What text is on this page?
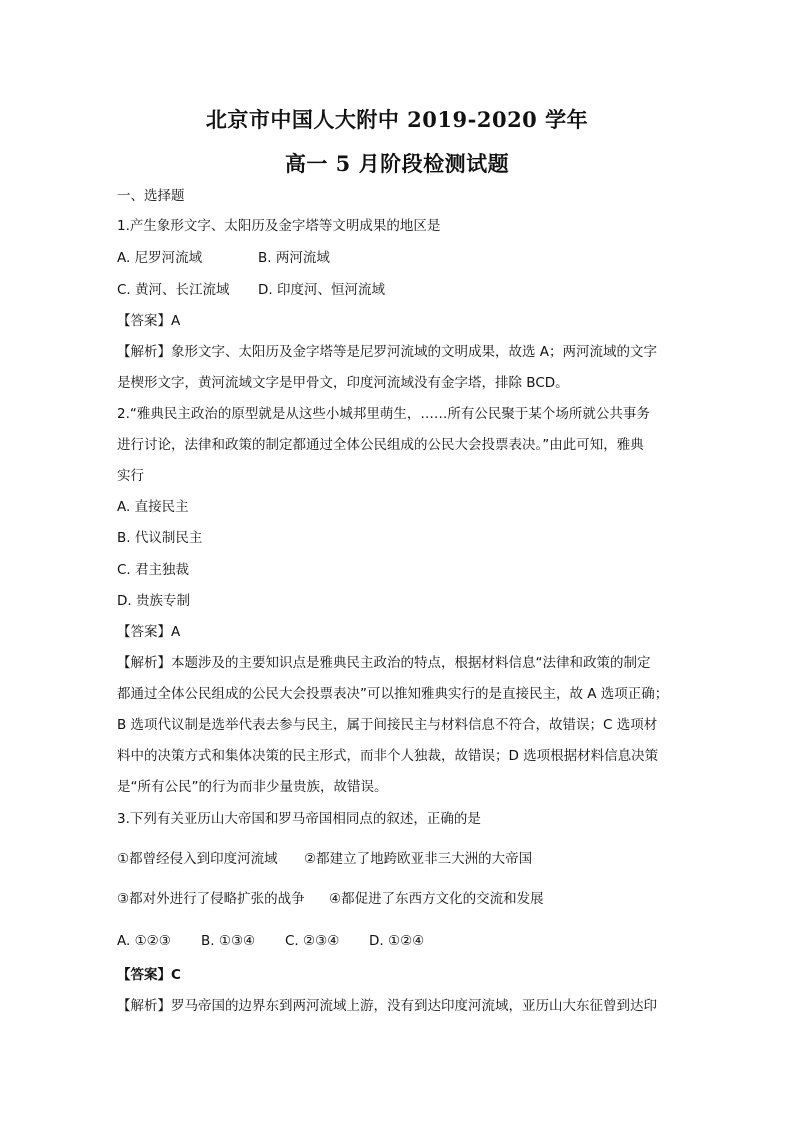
北京市中国人大附中 2019-2020 学年
高一 5 月阶段检测试题
一、选择题
1.产生象形文字、太阳历及金字塔等文明成果的地区是
A. 尼罗河流域	B. 两河流域
C. 黄河、长江流域 D. 印度河、恒河流域
【答案】A
【解析】象形文字、太阳历及金字塔等是尼罗河流域的文明成果，故选 A；两河流域的文字
是楔形文字，黄河流域文字是甲骨文，印度河流域没有金字塔，排除 BCD。
2.“雅典民主政治的原型就是从这些小城邦里萌生，……所有公民聚于某个场所就公共事务
进行讨论，法律和政策的制定都通过全体公民组成的公民大会投票表决。”由此可知，雅典
实行
A. 直接民主
B. 代议制民主
C. 君主独裁
D. 贵族专制
【答案】A
【解析】本题涉及的主要知识点是雅典民主政治的特点，根据材料信息“法律和政策的制定
都通过全体公民组成的公民大会投票表决”可以推知雅典实行的是直接民主，故 A 选项正确；
B 选项代议制是选举代表去参与民主，属于间接民主与材料信息不符合，故错误；C 选项材
料中的决策方式和集体决策的民主形式，而非个人独裁，故错误；D 选项根据材料信息决策
是“所有公民”的行为而非少量贵族，故错误。
3.下列有关亚历山大帝国和罗马帝国相同点的叙述，正确的是
①都曾经侵入到印度河流域 ②都建立了地跨欧亚非三大洲的大帝国
③都对外进行了侵略扩张的战争 ④都促进了东西方文化的交流和发展
A. ①②③ B. ①③④ C. ②③④ D. ①②④
【答案】C
【解析】罗马帝国的边界东到两河流域上游，没有到达印度河流域，亚历山大东征曾到达印
